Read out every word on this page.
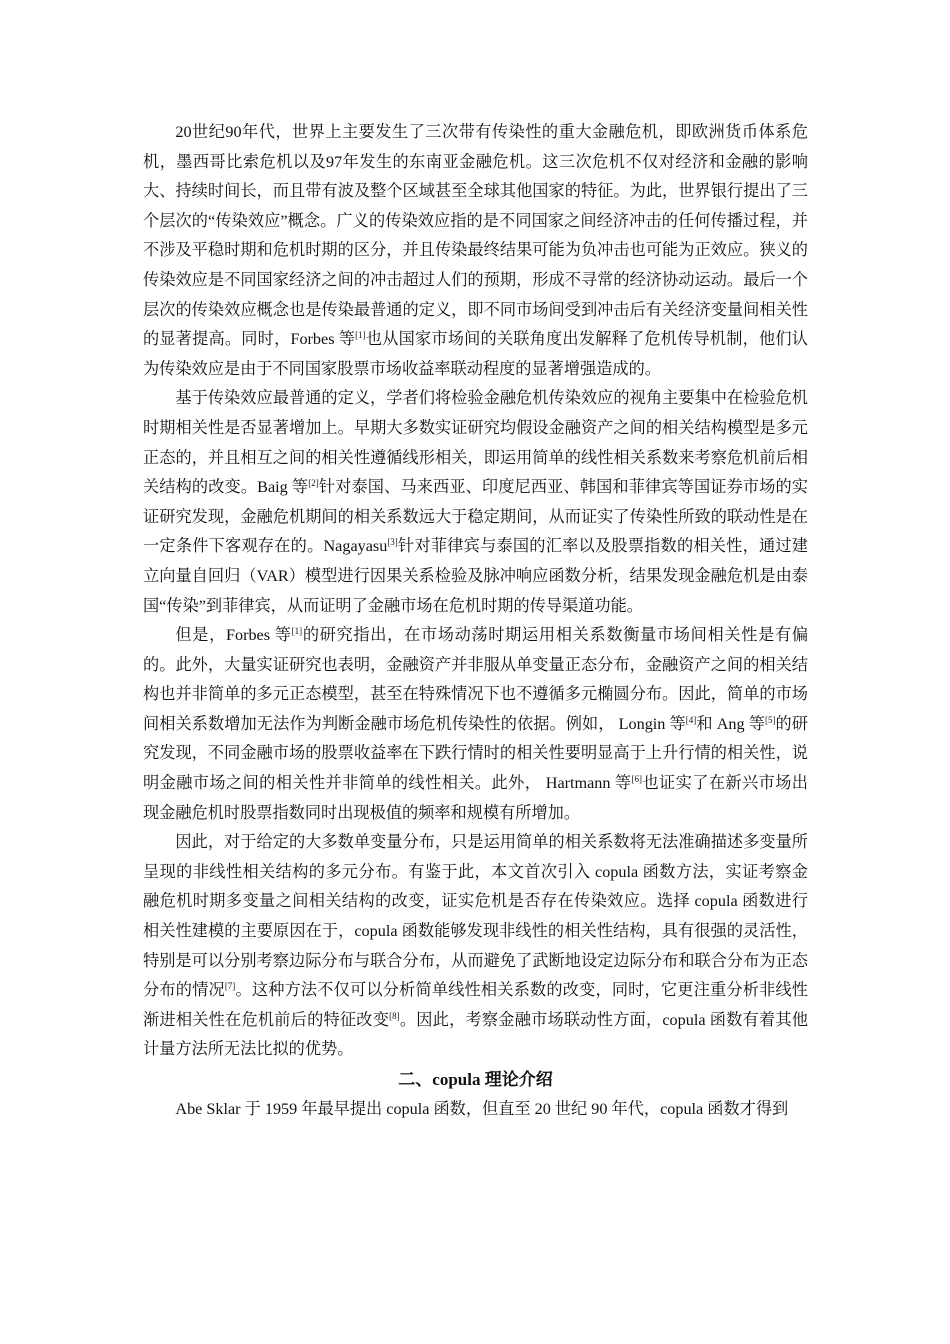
20世纪90年代，世界上主要发生了三次带有传染性的重大金融危机，即欧洲货币体系危机，墨西哥比索危机以及97年发生的东南亚金融危机。这三次危机不仅对经济和金融的影响大、持续时间长，而且带有波及整个区域甚至全球其他国家的特征。为此，世界银行提出了三个层次的“传染效应”概念。广义的传染效应指的是不同国家之间经济冲击的任何传播过程，并不涉及平稳时期和危机时期的区分，并且传染最终结果可能为负冲击也可能为正效应。狭义的传染效应是不同国家经济之间的冲击超过人们的预期，形成不寻常的经济协动运动。最后一个层次的传染效应概念也是传染最普通的定义，即不同市场间受到冲击后有关经济变量间相关性的显著提高。同时，Forbes 等[1]也从国家市场间的关联角度出发解释了危机传导机制，他们认为传染效应是由于不同国家股票市场收益率联动程度的显著增强造成的。

基于传染效应最普通的定义，学者们将检验金融危机传染效应的视角主要集中在检验危机时期相关性是否显著增加上。早期大多数实证研究均假设金融资产之间的相关结构模型是多元正态的，并且相互之间的相关性遵循线形相关，即运用简单的线性相关系数来考察危机前后相关结构的改变。Baig 等[2]针对泰国、马来西亚、印度尼西亚、韩国和菲律宾等国证券市场的实证研究发现，金融危机期间的相关系数远大于稳定期间，从而证实了传染性所致的联动性是在一定条件下客观存在的。Nagayasu[3]针对菲律宾与泰国的汇率以及股票指数的相关性，通过建立向量自回归（VAR）模型进行因果关系检验及脉冲响应函数分析，结果发现金融危机是由泰国“传染”到菲律宾，从而证明了金融市场在危机时期的传导渠道功能。

但是，Forbes 等[1]的研究指出，在市场动荡时期运用相关系数衡量市场间相关性是有偏的。此外，大量实证研究也表明，金融资产并非服从单变量正态分布，金融资产之间的相关结构也并非简单的多元正态模型，甚至在特殊情况下也不遵循多元椭圆分布。因此，简单的市场间相关系数增加无法作为判断金融市场危机传染性的依据。例如， Longin 等[4]和 Ang 等[5]的研究发现，不同金融市场的股票收益率在下跌行情时的相关性要明显高于上升行情的相关性，说明金融市场之间的相关性并非简单的线性相关。此外， Hartmann 等[6]也证实了在新兴市场出现金融危机时股票指数同时出现极值的频率和规模有所增加。

因此，对于给定的大多数单变量分布，只是运用简单的相关系数将无法准确描述多变量所呈现的非线性相关结构的多元分布。有鉴于此，本文首次引入 copula 函数方法，实证考察金融危机时期多变量之间相关结构的改变，证实危机是否存在传染效应。选择 copula 函数进行相关性建模的主要原因在于，copula 函数能够发现非线性的相关性结构，具有很强的灵活性，特别是可以分别考察边际分布与联合分布，从而避免了武断地设定边际分布和联合分布为正态分布的情况[7]。这种方法不仅可以分析简单线性相关系数的改变，同时，它更注重分析非线性渐进相关性在危机前后的特征改变[8]。因此，考察金融市场联动性方面，copula 函数有着其他计量方法所无法比拟的优势。

二、copula 理论介绍

Abe Sklar 于 1959 年最早提出 copula 函数，但直至 20 世纪 90 年代，copula 函数才得到
